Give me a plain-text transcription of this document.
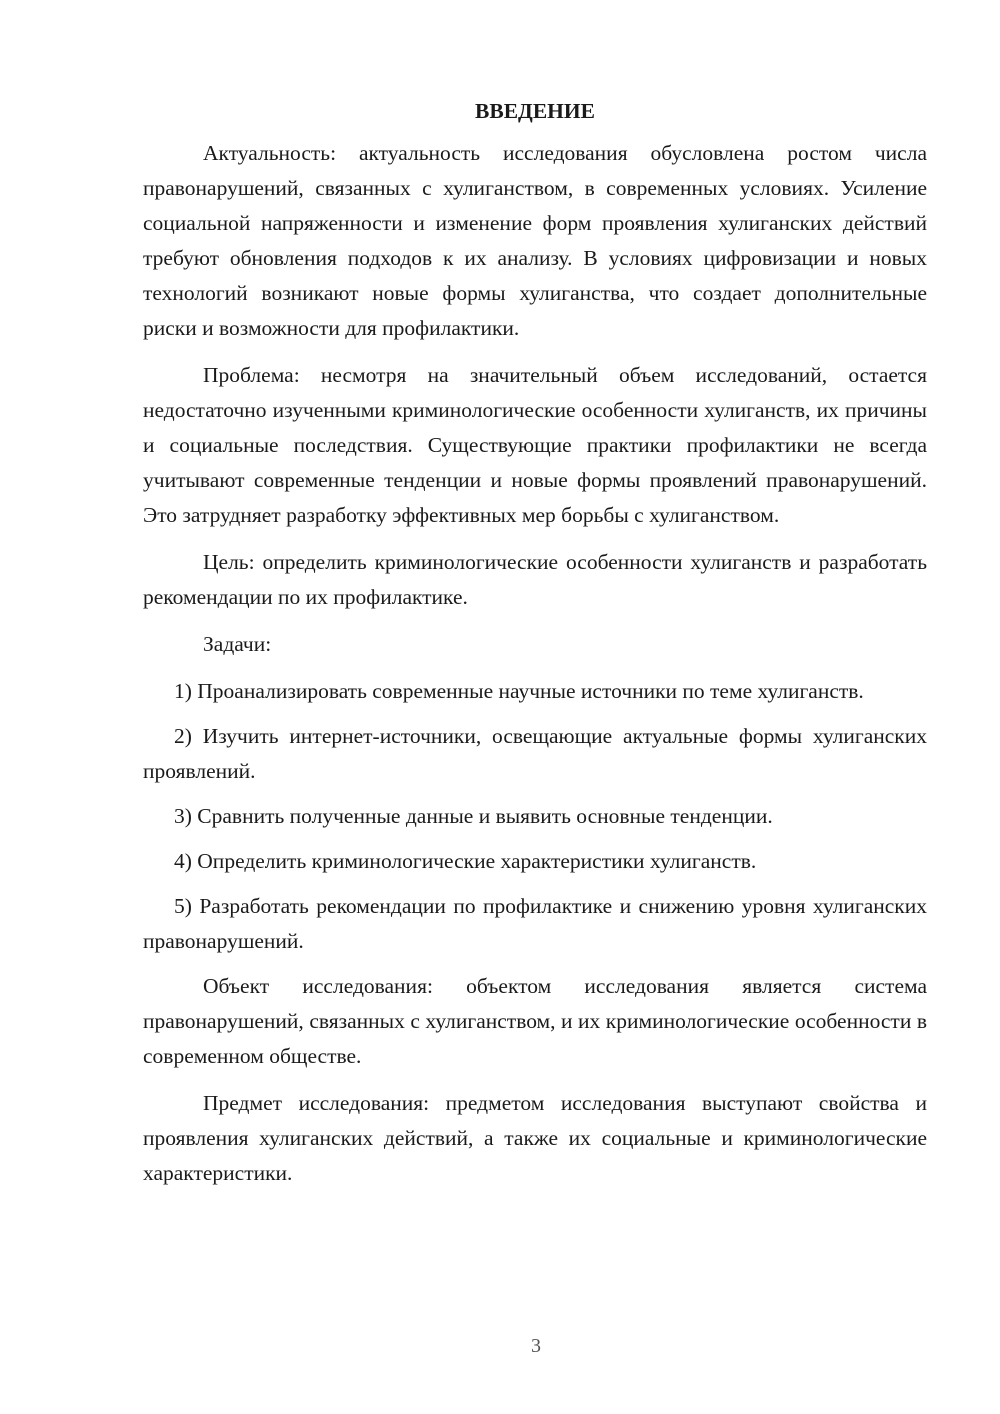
ВВЕДЕНИЕ

Актуальность: актуальность исследования обусловлена ростом числа правонарушений, связанных с хулиганством, в современных условиях. Усиление социальной напряженности и изменение форм проявления хулиганских действий требуют обновления подходов к их анализу. В условиях цифровизации и новых технологий возникают новые формы хулиганства, что создает дополнительные риски и возможности для профилактики.

Проблема: несмотря на значительный объем исследований, остается недостаточно изученными криминологические особенности хулиганств, их причины и социальные последствия. Существующие практики профилактики не всегда учитывают современные тенденции и новые формы проявлений правонарушений. Это затрудняет разработку эффективных мер борьбы с хулиганством.

Цель: определить криминологические особенности хулиганств и разработать рекомендации по их профилактике.

Задачи:

1) Проанализировать современные научные источники по теме хулиганств.

2) Изучить интернет-источники, освещающие актуальные формы хулиганских проявлений.

3) Сравнить полученные данные и выявить основные тенденции.

4) Определить криминологические характеристики хулиганств.

5) Разработать рекомендации по профилактике и снижению уровня хулиганских правонарушений.

Объект исследования: объектом исследования является система правонарушений, связанных с хулиганством, и их криминологические особенности в современном обществе.

Предмет исследования: предметом исследования выступают свойства и проявления хулиганских действий, а также их социальные и криминологические характеристики.

3
